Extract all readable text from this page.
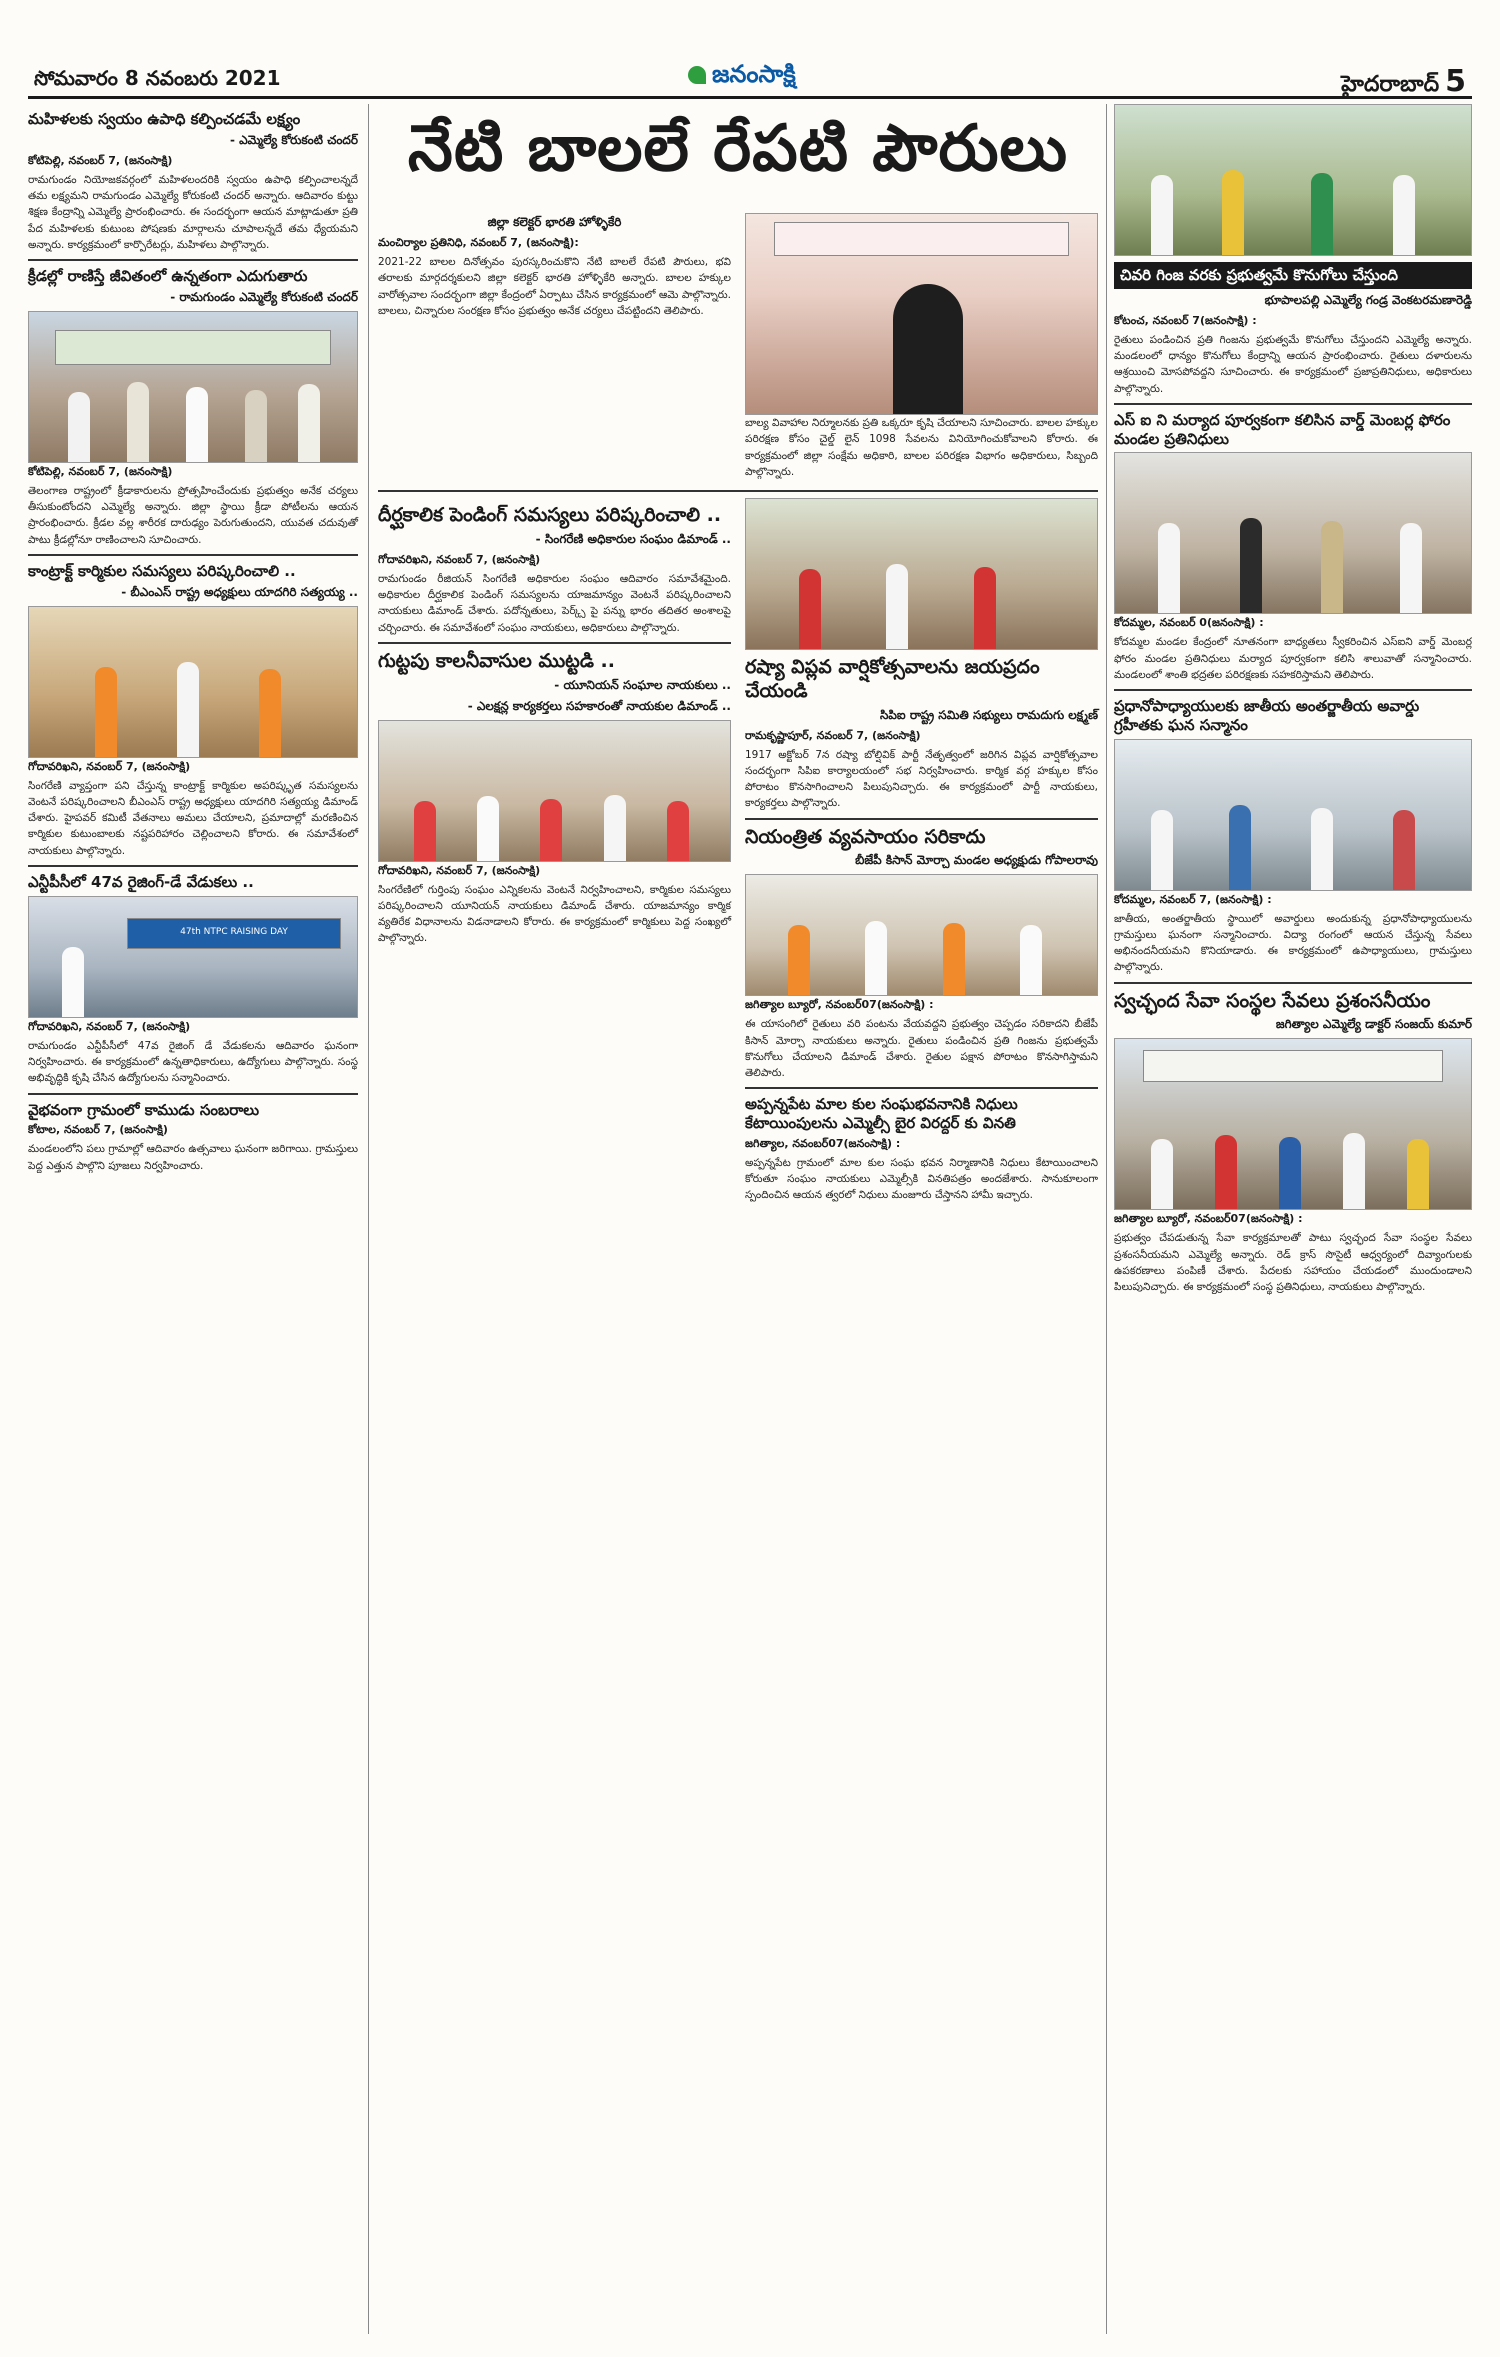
సోమవారం 8 నవంబరు 2021	జనంసాక్షి	హైదరాబాద్ 5
మహిళలకు స్వయం ఉపాధి కల్పించడమే లక్ష్యం
- ఎమ్మెల్యే కోరుకంటి చందర్
కోటిపెల్లి, నవంబర్ 7, (జనంసాక్షి)

రామగుండం నియోజకవర్గంలో మహిళలందరికి స్వయం ఉపాధి కల్పించాలన్నదే తమ లక్ష్యమని రామగుండం ఎమ్మెల్యే కోరుకంటి చందర్ అన్నారు. ఆదివారం కుట్టు శిక్షణ కేంద్రాన్ని ఎమ్మెల్యే ప్రారంభించారు. ఈ సందర్భంగా ఆయన మాట్లాడుతూ ప్రతి పేద మహిళలకు కుటుంబ పోషణకు మార్గాలను చూపాలన్నదే తమ ధ్యేయమని అన్నారు. కార్యక్రమంలో కార్పొరేటర్లు, మహిళలు పాల్గొన్నారు.

క్రీడల్లో రాణిస్తే జీవితంలో ఉన్నతంగా ఎదుగుతారు
- రామగుండం ఎమ్మెల్యే కోరుకంటి చందర్
కోటిపెల్లి, నవంబర్ 7, (జనంసాక్షి)

తెలంగాణ రాష్ట్రంలో క్రీడాకారులను ప్రోత్సహించేందుకు ప్రభుత్వం అనేక చర్యలు తీసుకుంటోందని ఎమ్మెల్యే అన్నారు. జిల్లా స్థాయి క్రీడా పోటీలను ఆయన ప్రారంభించారు. క్రీడల వల్ల శారీరక దారుఢ్యం పెరుగుతుందని, యువత చదువుతో పాటు క్రీడల్లోనూ రాణించాలని సూచించారు.

కాంట్రాక్ట్ కార్మికుల సమస్యలు పరిష్కరించాలి ..
- బీఎంఎస్ రాష్ట్ర అధ్యక్షులు యాదగిరి సత్యయ్య ..
గోదావరిఖని, నవంబర్ 7, (జనంసాక్షి)

సింగరేణి వ్యాప్తంగా పని చేస్తున్న కాంట్రాక్ట్ కార్మికుల అపరిష్కృత సమస్యలను వెంటనే పరిష్కరించాలని బీఎంఎస్ రాష్ట్ర అధ్యక్షులు యాదగిరి సత్యయ్య డిమాండ్ చేశారు. హైపవర్ కమిటీ వేతనాలు అమలు చేయాలని, ప్రమాదాల్లో మరణించిన కార్మికుల కుటుంబాలకు నష్టపరిహారం చెల్లించాలని కోరారు. ఈ సమావేశంలో నాయకులు పాల్గొన్నారు.

ఎన్టీపీసీలో 47వ రైజింగ్-డే వేడుకలు ..
47th NTPC RAISING DAY
గోదావరిఖని, నవంబర్ 7, (జనంసాక్షి)

రామగుండం ఎన్టీపీసీలో 47వ రైజింగ్ డే వేడుకలను ఆదివారం ఘనంగా నిర్వహించారు. ఈ కార్యక్రమంలో ఉన్నతాధికారులు, ఉద్యోగులు పాల్గొన్నారు. సంస్థ అభివృద్ధికి కృషి చేసిన ఉద్యోగులను సన్మానించారు.

వైభవంగా గ్రామంలో కాముడు సంబరాలు
కోటాల, నవంబర్ 7, (జనంసాక్షి)

మండలంలోని పలు గ్రామాల్లో ఆదివారం ఉత్సవాలు ఘనంగా జరిగాయి. గ్రామస్తులు పెద్ద ఎత్తున పాల్గొని పూజలు నిర్వహించారు.

నేటి బాలలే రేపటి పౌరులు
జిల్లా కలెక్టర్ భారతి హోళ్ళికేరి
మంచిర్యాల ప్రతినిధి, నవంబర్ 7, (జనంసాక్షి):

2021-22 బాలల దినోత్సవం పురస్కరించుకొని నేటి బాలలే రేపటి పౌరులు, భవి తరాలకు మార్గదర్శకులని జిల్లా కలెక్టర్ భారతి హోళ్ళికేరి అన్నారు. బాలల హక్కుల వారోత్సవాల సందర్భంగా జిల్లా కేంద్రంలో ఏర్పాటు చేసిన కార్యక్రమంలో ఆమె పాల్గొన్నారు. బాలలు, చిన్నారుల సంరక్షణ కోసం ప్రభుత్వం అనేక చర్యలు చేపట్టిందని తెలిపారు.

బాల్య వివాహాల నిర్మూలనకు ప్రతి ఒక్కరూ కృషి చేయాలని సూచించారు. బాలల హక్కుల పరిరక్షణ కోసం చైల్డ్ లైన్ 1098 సేవలను వినియోగించుకోవాలని కోరారు. ఈ కార్యక్రమంలో జిల్లా సంక్షేమ అధికారి, బాలల పరిరక్షణ విభాగం అధికారులు, సిబ్బంది పాల్గొన్నారు.

దీర్ఘకాలిక పెండింగ్ సమస్యలు పరిష్కరించాలి ..
- సింగరేణి అధికారుల సంఘం డిమాండ్ ..
గోదావరిఖని, నవంబర్ 7, (జనంసాక్షి)

రామగుండం రీజియన్ సింగరేణి అధికారుల సంఘం ఆదివారం సమావేశమైంది. అధికారుల దీర్ఘకాలిక పెండింగ్ సమస్యలను యాజమాన్యం వెంటనే పరిష్కరించాలని నాయకులు డిమాండ్ చేశారు. పదోన్నతులు, పెర్క్స్ పై పన్ను భారం తదితర అంశాలపై చర్చించారు. ఈ సమావేశంలో సంఘం నాయకులు, అధికారులు పాల్గొన్నారు.

గుట్టపు కాలనీవాసుల ముట్టడి ..
- యూనియన్ సంఘాల నాయకులు ..
- ఎలక్షన్ల కార్యకర్తలు సహకారంతో నాయకుల డిమాండ్ ..
గోదావరిఖని, నవంబర్ 7, (జనంసాక్షి)

సింగరేణిలో గుర్తింపు సంఘం ఎన్నికలను వెంటనే నిర్వహించాలని, కార్మికుల సమస్యలు పరిష్కరించాలని యూనియన్ నాయకులు డిమాండ్ చేశారు. యాజమాన్యం కార్మిక వ్యతిరేక విధానాలను విడనాడాలని కోరారు. ఈ కార్యక్రమంలో కార్మికులు పెద్ద సంఖ్యలో పాల్గొన్నారు.

రష్యా విప్లవ వార్షికోత్సవాలను జయప్రదం చేయండి
సిపిఐ రాష్ట్ర సమితి సభ్యులు రామదుగు లక్ష్మణ్
రామకృష్ణాపూర్, నవంబర్ 7, (జనంసాక్షి)

1917 అక్టోబర్ 7న రష్యా బోల్షివిక్ పార్టీ నేతృత్వంలో జరిగిన విప్లవ వార్షికోత్సవాల సందర్భంగా సిపిఐ కార్యాలయంలో సభ నిర్వహించారు. కార్మిక వర్గ హక్కుల కోసం పోరాటం కొనసాగించాలని పిలుపునిచ్చారు. ఈ కార్యక్రమంలో పార్టీ నాయకులు, కార్యకర్తలు పాల్గొన్నారు.

నియంత్రిత వ్యవసాయం సరికాదు
బీజేపీ కిసాన్ మోర్చా మండల అధ్యక్షుడు గోపాలరావు
జగిత్యాల బ్యూరో, నవంబర్07(జనంసాక్షి) :

ఈ యాసంగిలో రైతులు వరి పంటను వేయవద్దని ప్రభుత్వం చెప్పడం సరికాదని బీజేపీ కిసాన్ మోర్చా నాయకులు అన్నారు. రైతులు పండించిన ప్రతి గింజను ప్రభుత్వమే కొనుగోలు చేయాలని డిమాండ్ చేశారు. రైతుల పక్షాన పోరాటం కొనసాగిస్తామని తెలిపారు.

అప్పన్నపేట మాల కుల సంఘభవనానికి నిధులు కేటాయింపులను ఎమ్మెల్సీ బైర విరద్దర్ కు వినతి
జగిత్యాల, నవంబర్07(జనంసాక్షి) :

అప్పన్నపేట గ్రామంలో మాల కుల సంఘ భవన నిర్మాణానికి నిధులు కేటాయించాలని కోరుతూ సంఘం నాయకులు ఎమ్మెల్సీకి వినతిపత్రం అందజేశారు. సానుకూలంగా స్పందించిన ఆయన త్వరలో నిధులు మంజూరు చేస్తానని హామీ ఇచ్చారు.

చివరి గింజ వరకు ప్రభుత్వమే కొనుగోలు చేస్తుంది
భూపాలపల్లి ఎమ్మెల్యే గండ్ర వెంకటరమణారెడ్డి
కోటంచ, నవంబర్ 7(జనంసాక్షి) :

రైతులు పండించిన ప్రతి గింజను ప్రభుత్వమే కొనుగోలు చేస్తుందని ఎమ్మెల్యే అన్నారు. మండలంలో ధాన్యం కొనుగోలు కేంద్రాన్ని ఆయన ప్రారంభించారు. రైతులు దళారులను ఆశ్రయించి మోసపోవద్దని సూచించారు. ఈ కార్యక్రమంలో ప్రజాప్రతినిధులు, అధికారులు పాల్గొన్నారు.

ఎస్ ఐ ని మర్యాద పూర్వకంగా కలిసిన వార్డ్ మెంబర్ల ఫోరం మండల ప్రతినిధులు
కోదమ్మల, నవంబర్ 0(జనంసాక్షి) :

కోదమ్మల మండల కేంద్రంలో నూతనంగా బాధ్యతలు స్వీకరించిన ఎస్ఐని వార్డ్ మెంబర్ల ఫోరం మండల ప్రతినిధులు మర్యాద పూర్వకంగా కలిసి శాలువాతో సన్మానించారు. మండలంలో శాంతి భద్రతల పరిరక్షణకు సహకరిస్తామని తెలిపారు.

ప్రధానోపాధ్యాయులకు జాతీయ అంతర్జాతీయ అవార్డు గ్రహీతకు ఘన సన్మానం
కోదమ్మల, నవంబర్ 7, (జనంసాక్షి) :

జాతీయ, అంతర్జాతీయ స్థాయిలో అవార్డులు అందుకున్న ప్రధానోపాధ్యాయులను గ్రామస్తులు ఘనంగా సన్మానించారు. విద్యా రంగంలో ఆయన చేస్తున్న సేవలు అభినందనీయమని కొనియాడారు. ఈ కార్యక్రమంలో ఉపాధ్యాయులు, గ్రామస్తులు పాల్గొన్నారు.

స్వచ్ఛంద సేవా సంస్థల సేవలు ప్రశంసనీయం
జగిత్యాల ఎమ్మెల్యే డాక్టర్ సంజయ్ కుమార్
జగిత్యాల బ్యూరో, నవంబర్07(జనంసాక్షి) :

ప్రభుత్వం చేపడుతున్న సేవా కార్యక్రమాలతో పాటు స్వచ్ఛంద సేవా సంస్థల సేవలు ప్రశంసనీయమని ఎమ్మెల్యే అన్నారు. రెడ్ క్రాస్ సొసైటీ ఆధ్వర్యంలో దివ్యాంగులకు ఉపకరణాలు పంపిణీ చేశారు. పేదలకు సహాయం చేయడంలో ముందుండాలని పిలుపునిచ్చారు. ఈ కార్యక్రమంలో సంస్థ ప్రతినిధులు, నాయకులు పాల్గొన్నారు.
